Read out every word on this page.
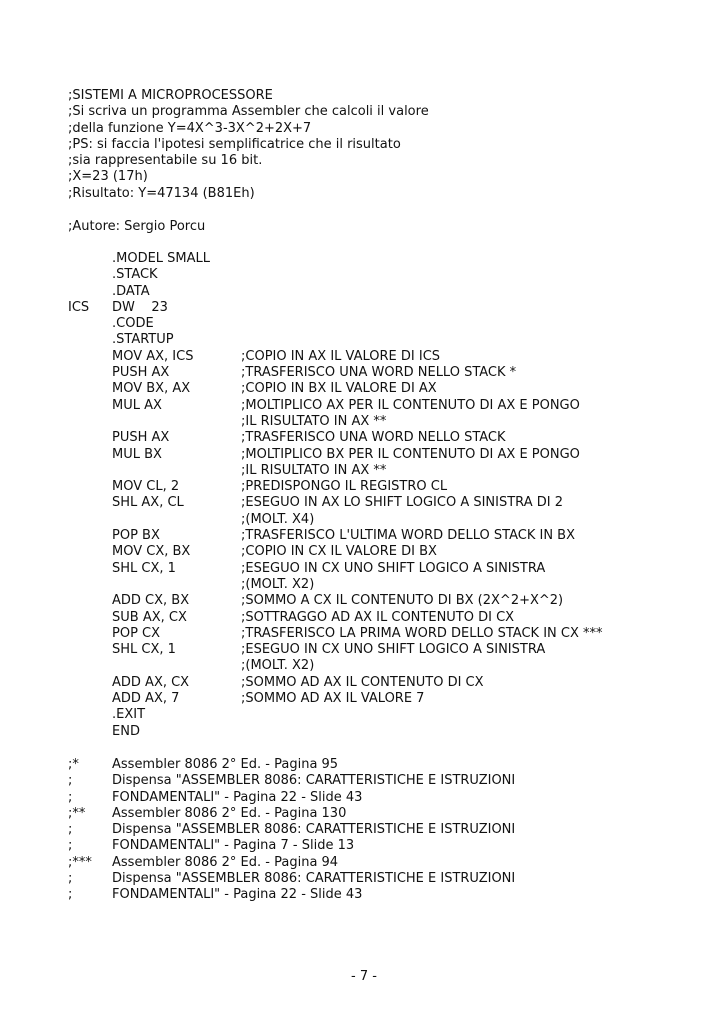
;SISTEMI A MICROPROCESSORE
;Si scriva un programma Assembler che calcoli il valore
;della funzione Y=4X^3-3X^2+2X+7
;PS: si faccia l'ipotesi semplificatrice che il risultato
;sia rappresentabile su 16 bit.
;X=23 (17h)
;Risultato: Y=47134 (B81Eh)
;Autore: Sergio Porcu
.MODEL SMALL
.STACK
.DATA
ICS DW    23
.CODE
.STARTUP
MOV AX, ICS	;COPIO IN AX IL VALORE DI ICS
PUSH AX	;TRASFERISCO UNA WORD NELLO STACK *
MOV BX, AX	;COPIO IN BX IL VALORE DI AX
MUL AX	;MOLTIPLICO AX PER IL CONTENUTO DI AX E PONGO
;IL RISULTATO IN AX **
PUSH AX	;TRASFERISCO UNA WORD NELLO STACK
MUL BX	;MOLTIPLICO BX PER IL CONTENUTO DI AX E PONGO
;IL RISULTATO IN AX **
MOV CL, 2	;PREDISPONGO IL REGISTRO CL
SHL AX, CL	;ESEGUO IN AX LO SHIFT LOGICO A SINISTRA DI 2
;(MOLT. X4)
POP BX	;TRASFERISCO L'ULTIMA WORD DELLO STACK IN BX
MOV CX, BX	;COPIO IN CX IL VALORE DI BX
SHL CX, 1	;ESEGUO IN CX UNO SHIFT LOGICO A SINISTRA
;(MOLT. X2)
ADD CX, BX	;SOMMO A CX IL CONTENUTO DI BX (2X^2+X^2)
SUB AX, CX	;SOTTRAGGO AD AX IL CONTENUTO DI CX
POP CX	;TRASFERISCO LA PRIMA WORD DELLO STACK IN CX ***
SHL CX, 1	;ESEGUO IN CX UNO SHIFT LOGICO A SINISTRA
;(MOLT. X2)
ADD AX, CX	;SOMMO AD AX IL CONTENUTO DI CX
ADD AX, 7	;SOMMO AD AX IL VALORE 7
.EXIT
END
;*	Assembler 8086 2° Ed. - Pagina 95
;	Dispensa "ASSEMBLER 8086: CARATTERISTICHE E ISTRUZIONI
;	FONDAMENTALI" - Pagina 22 - Slide 43
;** Assembler 8086 2° Ed. - Pagina 130
;	Dispensa "ASSEMBLER 8086: CARATTERISTICHE E ISTRUZIONI
;	FONDAMENTALI" - Pagina 7 - Slide 13
;*** Assembler 8086 2° Ed. - Pagina 94
;	Dispensa "ASSEMBLER 8086: CARATTERISTICHE E ISTRUZIONI
;	FONDAMENTALI" - Pagina 22 - Slide 43
- 7 -
